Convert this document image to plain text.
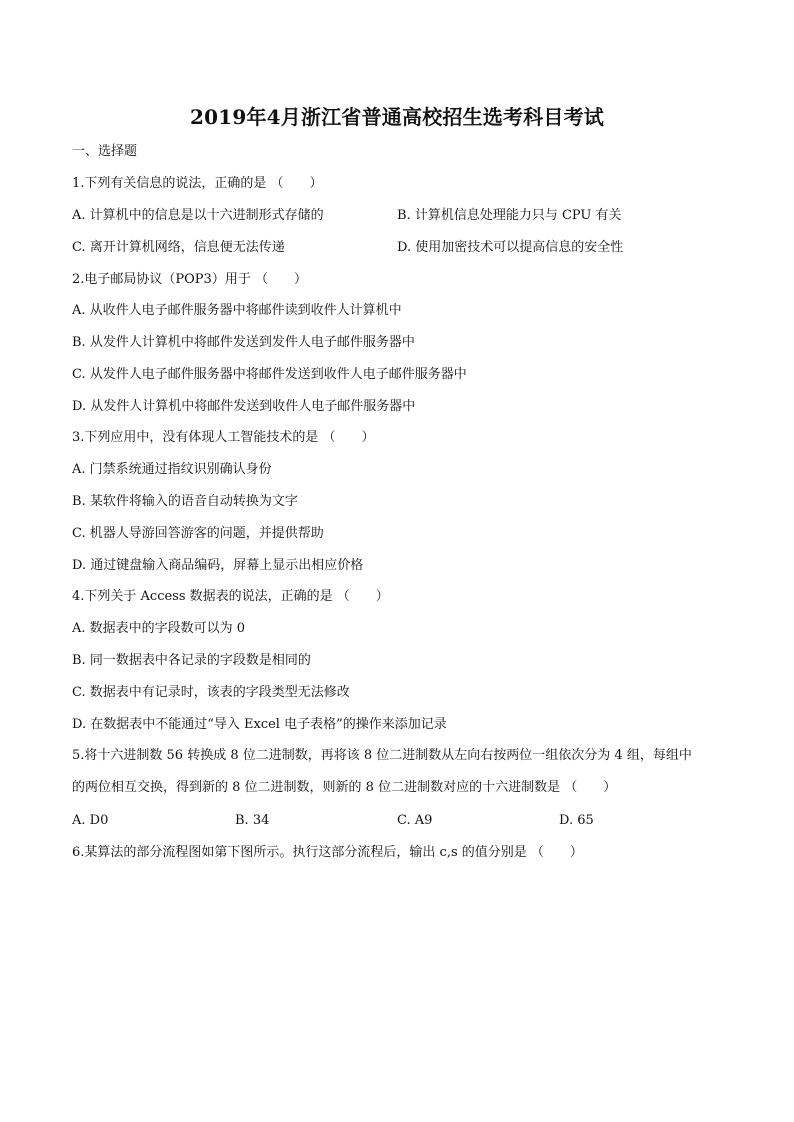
2019年4月浙江省普通高校招生选考科目考试
一、选择题
1.下列有关信息的说法，正确的是 （　　）
A. 计算机中的信息是以十六进制形式存储的	B. 计算机信息处理能力只与 CPU 有关
C. 离开计算机网络，信息便无法传递	D. 使用加密技术可以提高信息的安全性
2.电子邮局协议（POP3）用于 （　　）
A. 从收件人电子邮件服务器中将邮件读到收件人计算机中
B. 从发件人计算机中将邮件发送到发件人电子邮件服务器中
C. 从发件人电子邮件服务器中将邮件发送到收件人电子邮件服务器中
D. 从发件人计算机中将邮件发送到收件人电子邮件服务器中
3.下列应用中，没有体现人工智能技术的是 （　　）
A. 门禁系统通过指纹识别确认身份
B. 某软件将输入的语音自动转换为文字
C. 机器人导游回答游客的问题，并提供帮助
D. 通过键盘输入商品编码，屏幕上显示出相应价格
4.下列关于 Access 数据表的说法，正确的是 （　　）
A. 数据表中的字段数可以为 0
B. 同一数据表中各记录的字段数是相同的
C. 数据表中有记录时，该表的字段类型无法修改
D. 在数据表中不能通过“导入 Excel 电子表格”的操作来添加记录
5.将十六进制数 56 转换成 8 位二进制数，再将该 8 位二进制数从左向右按两位一组依次分为 4 组，每组中
的两位相互交换，得到新的 8 位二进制数，则新的 8 位二进制数对应的十六进制数是 （　　）
A. D0	B. 34	C. A9	D. 65
6.某算法的部分流程图如第下图所示。执行这部分流程后，输出 c,s 的值分别是 （　　）
